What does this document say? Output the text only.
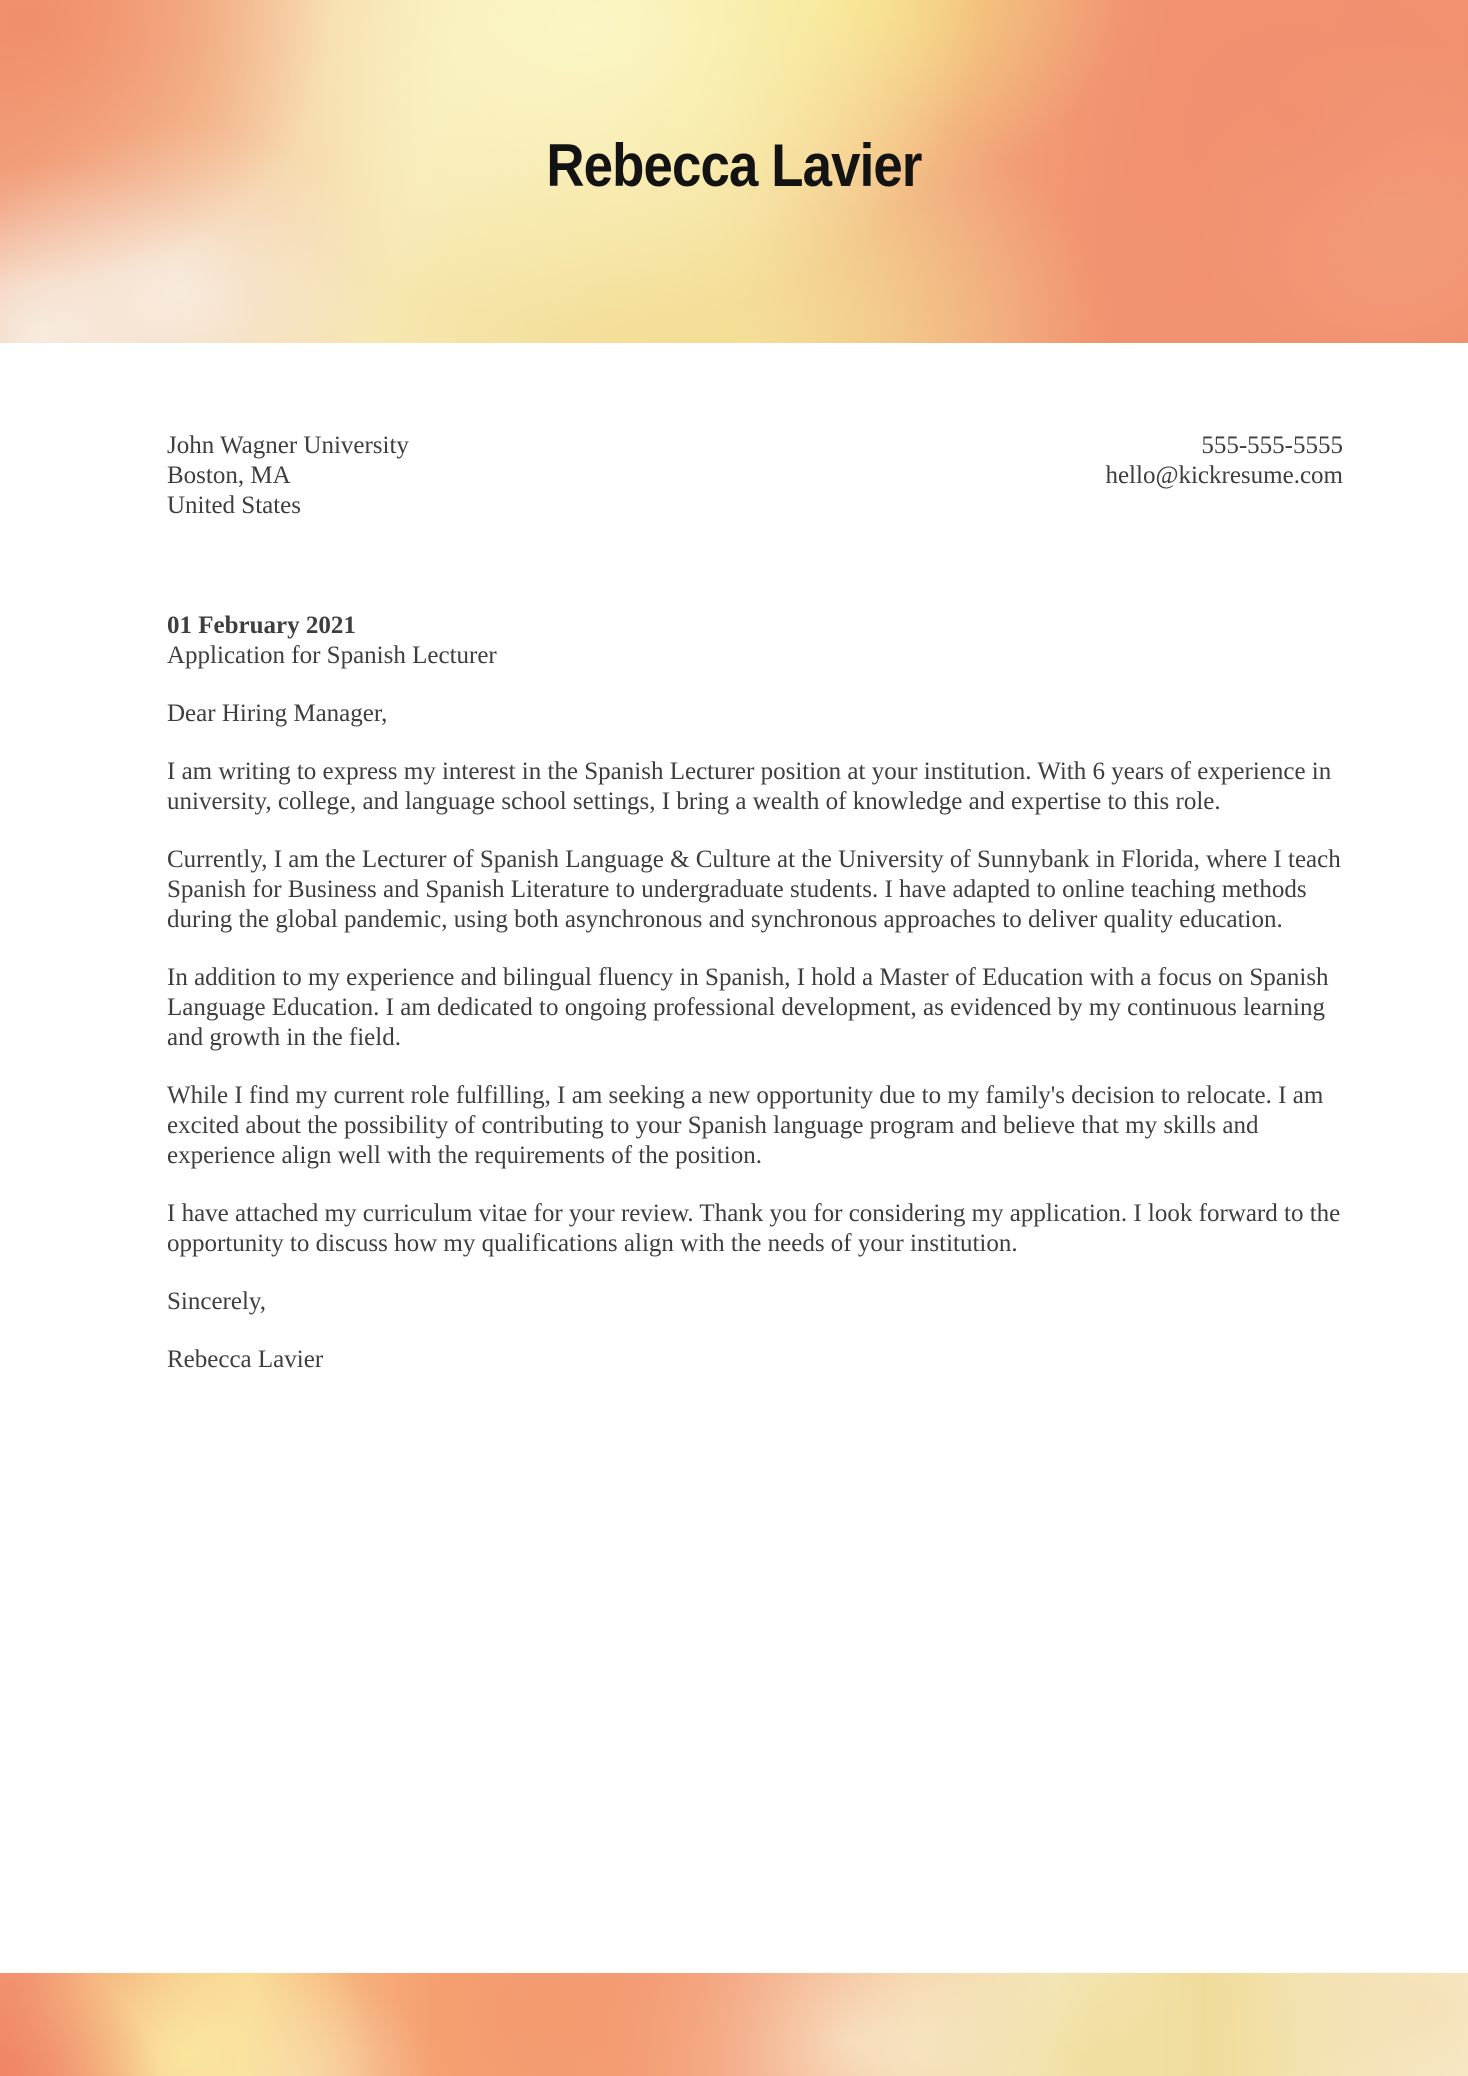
Rebecca Lavier
John Wagner University
Boston, MA
United States
555-555-5555
hello@kickresume.com
01 February 2021
Application for Spanish Lecturer

Dear Hiring Manager,

I am writing to express my interest in the Spanish Lecturer position at your institution. With 6 years of experience in university, college, and language school settings, I bring a wealth of knowledge and expertise to this role.

Currently, I am the Lecturer of Spanish Language & Culture at the University of Sunnybank in Florida, where I teach Spanish for Business and Spanish Literature to undergraduate students. I have adapted to online teaching methods during the global pandemic, using both asynchronous and synchronous approaches to deliver quality education.

In addition to my experience and bilingual fluency in Spanish, I hold a Master of Education with a focus on Spanish Language Education. I am dedicated to ongoing professional development, as evidenced by my continuous learning and growth in the field.

While I find my current role fulfilling, I am seeking a new opportunity due to my family's decision to relocate. I am excited about the possibility of contributing to your Spanish language program and believe that my skills and experience align well with the requirements of the position.

I have attached my curriculum vitae for your review. Thank you for considering my application. I look forward to the opportunity to discuss how my qualifications align with the needs of your institution.

Sincerely,

Rebecca Lavier
